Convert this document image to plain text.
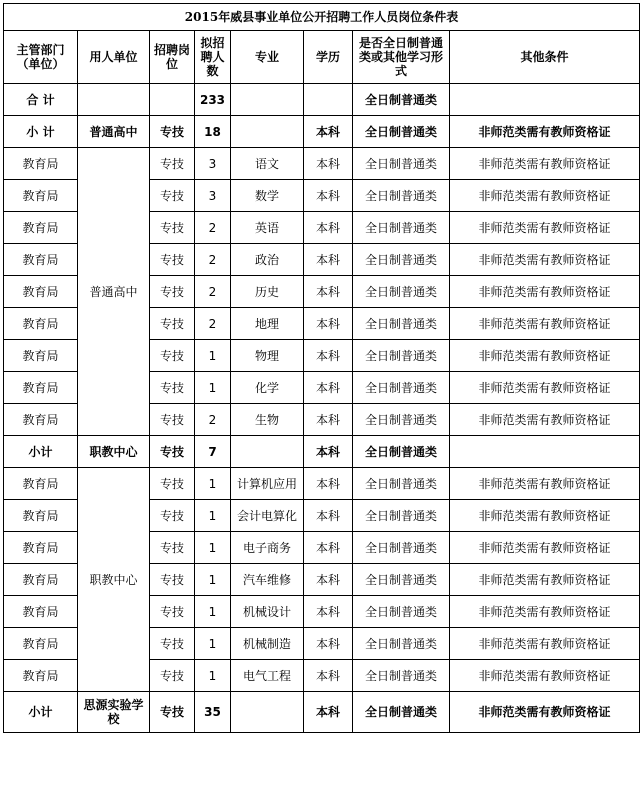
2015年威县事业单位公开招聘工作人员岗位条件表							
主管部门（单位）	用人单位	招聘岗位	拟招聘人数	专业	学历	是否全日制普通类或其他学习形式	其他条件
合 计			233			全日制普通类	
小 计	普通高中	专技	18		本科	全日制普通类	非师范类需有教师资格证
教育局	普通高中	专技	3	语文	本科	全日制普通类	非师范类需有教师资格证
教育局		专技	3	数学	本科	全日制普通类	非师范类需有教师资格证
教育局		专技	2	英语	本科	全日制普通类	非师范类需有教师资格证
教育局		专技	2	政治	本科	全日制普通类	非师范类需有教师资格证
教育局		专技	2	历史	本科	全日制普通类	非师范类需有教师资格证
教育局		专技	2	地理	本科	全日制普通类	非师范类需有教师资格证
教育局		专技	1	物理	本科	全日制普通类	非师范类需有教师资格证
教育局		专技	1	化学	本科	全日制普通类	非师范类需有教师资格证
教育局		专技	2	生物	本科	全日制普通类	非师范类需有教师资格证
小计	职教中心	专技	7		本科	全日制普通类	
教育局	职教中心	专技	1	计算机应用	本科	全日制普通类	非师范类需有教师资格证
教育局		专技	1	会计电算化	本科	全日制普通类	非师范类需有教师资格证
教育局		专技	1	电子商务	本科	全日制普通类	非师范类需有教师资格证
教育局		专技	1	汽车维修	本科	全日制普通类	非师范类需有教师资格证
教育局		专技	1	机械设计	本科	全日制普通类	非师范类需有教师资格证
教育局		专技	1	机械制造	本科	全日制普通类	非师范类需有教师资格证
教育局		专技	1	电气工程	本科	全日制普通类	非师范类需有教师资格证
小计	思源实验学校	专技	35		本科	全日制普通类	非师范类需有教师资格证
